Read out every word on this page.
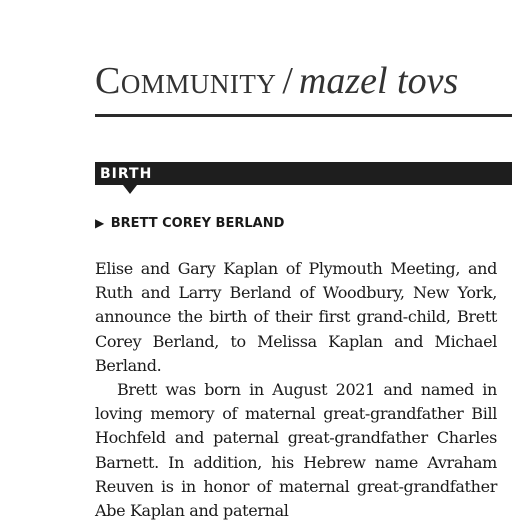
Community / mazel tovs
BIRTH
▶ BRETT COREY BERLAND

Elise and Gary Kaplan of Plymouth Meeting, and Ruth and Larry Berland of Woodbury, New York, announce the birth of their first grand-child, Brett Corey Berland, to Melissa Kaplan and Michael Berland.

Brett was born in August 2021 and named in loving memory of maternal great-grandfather Bill Hochfeld and paternal great-grandfather Charles Barnett. In addition, his Hebrew name Avraham Reuven is in honor of maternal great-grandfather Abe Kaplan and paternal
